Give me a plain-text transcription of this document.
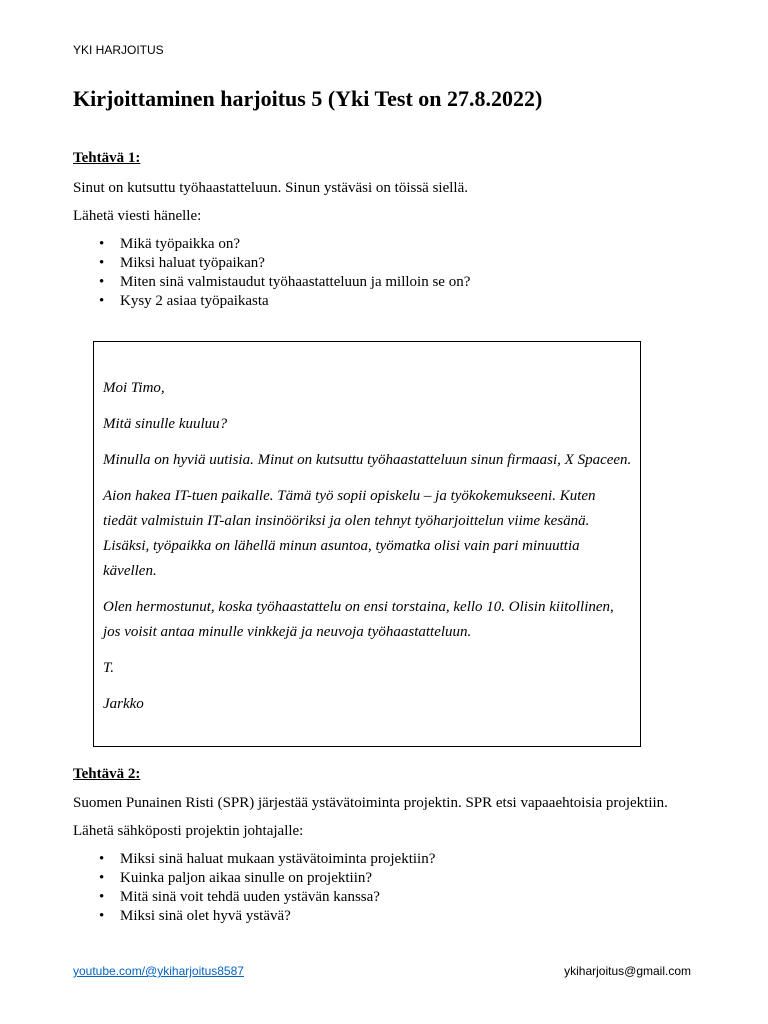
YKI HARJOITUS
Kirjoittaminen harjoitus 5 (Yki Test on 27.8.2022)
Tehtävä 1:
Sinut on kutsuttu työhaastatteluun. Sinun ystäväsi on töissä siellä.
Lähetä viesti hänelle:
• Mikä työpaikka on?
• Miksi haluat työpaikan?
• Miten sinä valmistaudut työhaastatteluun ja milloin se on?
• Kysy 2 asiaa työpaikasta

Moi Timo,

Mitä sinulle kuuluu?

Minulla on hyviä uutisia. Minut on kutsuttu työhaastatteluun sinun firmaasi, X Spaceen.

Aion hakea IT-tuen paikalle. Tämä työ sopii opiskelu – ja työkokemukseeni. Kuten tiedät valmistuin IT-alan insinööriksi ja olen tehnyt työharjoittelun viime kesänä. Lisäksi, työpaikka on lähellä minun asuntoa, työmatka olisi vain pari minuuttia kävellen.

Olen hermostunut, koska työhaastattelu on ensi torstaina, kello 10. Olisin kiitollinen, jos voisit antaa minulle vinkkejä ja neuvoja työhaastatteluun.

T.

Jarkko

Tehtävä 2:
Suomen Punainen Risti (SPR) järjestää ystävätoiminta projektin. SPR etsi vapaaehtoisia projektiin.
Lähetä sähköposti projektin johtajalle:
• Miksi sinä haluat mukaan ystävätoiminta projektiin?
• Kuinka paljon aikaa sinulle on projektiin?
• Mitä sinä voit tehdä uuden ystävän kanssa?
• Miksi sinä olet hyvä ystävä?
youtube.com/@ykiharjoitus8587	ykiharjoitus@gmail.com
